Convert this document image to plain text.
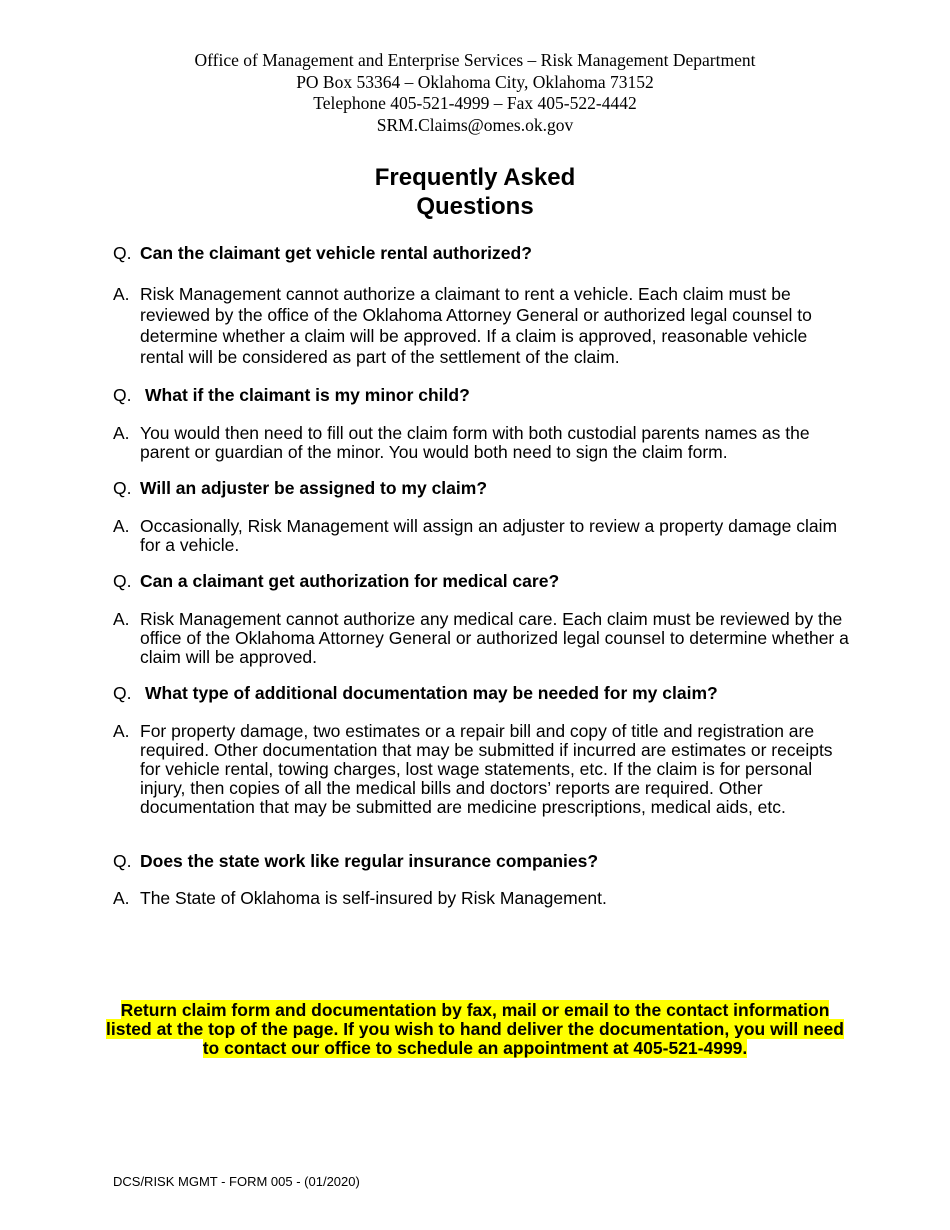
Office of Management and Enterprise Services – Risk Management Department
PO Box 53364 – Oklahoma City, Oklahoma 73152
Telephone 405-521-4999 – Fax 405-522-4442
SRM.Claims@omes.ok.gov
Frequently Asked
Questions
Q. Can the claimant get vehicle rental authorized?
A. Risk Management cannot authorize a claimant to rent a vehicle. Each claim must be reviewed by the office of the Oklahoma Attorney General or authorized legal counsel to determine whether a claim will be approved. If a claim is approved, reasonable vehicle rental will be considered as part of the settlement of the claim.
Q. What if the claimant is my minor child?
A. You would then need to fill out the claim form with both custodial parents names as the parent or guardian of the minor. You would both need to sign the claim form.
Q. Will an adjuster be assigned to my claim?
A. Occasionally, Risk Management will assign an adjuster to review a property damage claim for a vehicle.
Q. Can a claimant get authorization for medical care?
A. Risk Management cannot authorize any medical care. Each claim must be reviewed by the office of the Oklahoma Attorney General or authorized legal counsel to determine whether a claim will be approved.
Q. What type of additional documentation may be needed for my claim?
A. For property damage, two estimates or a repair bill and copy of title and registration are required. Other documentation that may be submitted if incurred are estimates or receipts for vehicle rental, towing charges, lost wage statements, etc. If the claim is for personal injury, then copies of all the medical bills and doctors’ reports are required. Other documentation that may be submitted are medicine prescriptions, medical aids, etc.
Q. Does the state work like regular insurance companies?
A. The State of Oklahoma is self-insured by Risk Management.
Return claim form and documentation by fax, mail or email to the contact information listed at the top of the page. If you wish to hand deliver the documentation, you will need to contact our office to schedule an appointment at 405-521-4999.
DCS/RISK MGMT - FORM 005 - (01/2020)
